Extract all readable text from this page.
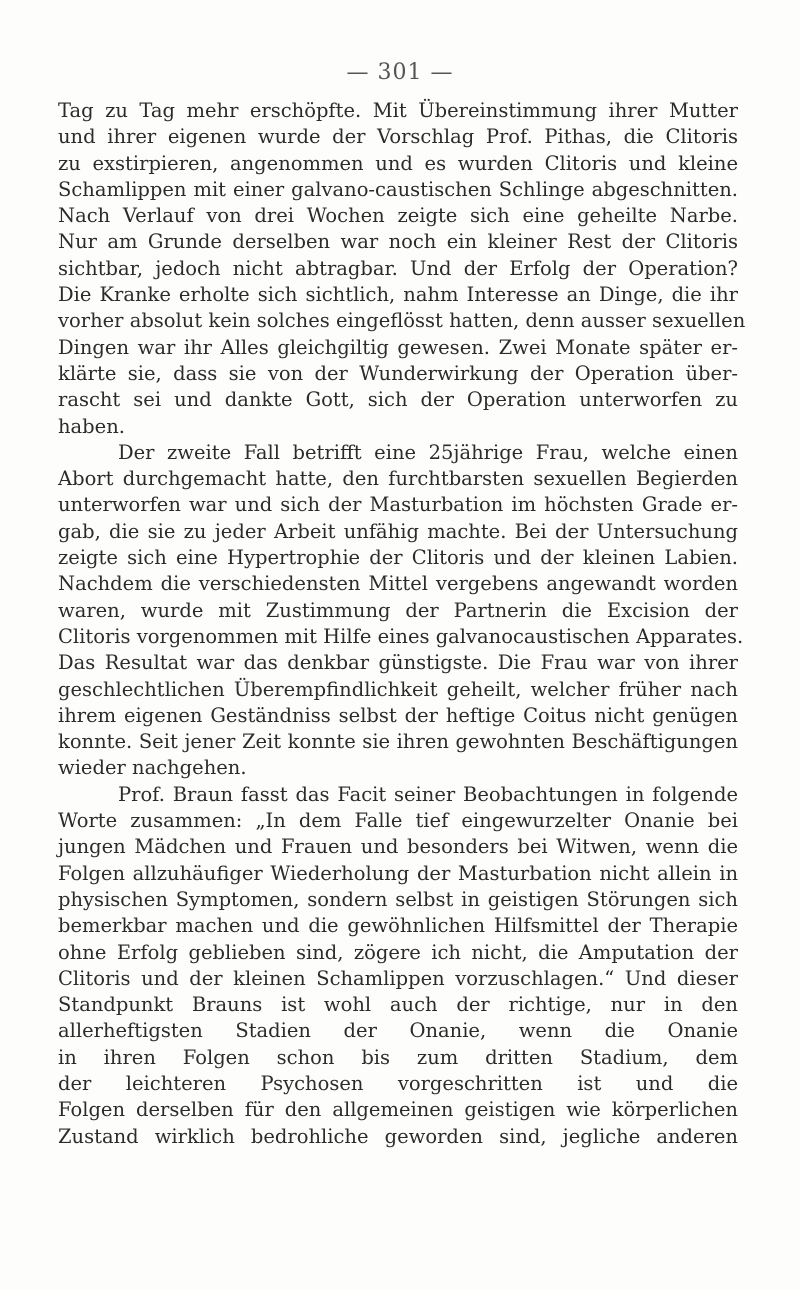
— 301 —
Tag zu Tag mehr erschöpfte. Mit Übereinstimmung ihrer Mutter
und ihrer eigenen wurde der Vorschlag Prof. Pithas, die Clitoris
zu exstirpieren, angenommen und es wurden Clitoris und kleine
Schamlippen mit einer galvano-caustischen Schlinge abgeschnitten.
Nach Verlauf von drei Wochen zeigte sich eine geheilte Narbe.
Nur am Grunde derselben war noch ein kleiner Rest der Clitoris
sichtbar, jedoch nicht abtragbar. Und der Erfolg der Operation?
Die Kranke erholte sich sichtlich, nahm Interesse an Dinge, die ihr
vorher absolut kein solches eingeflösst hatten, denn ausser sexuellen
Dingen war ihr Alles gleichgiltig gewesen. Zwei Monate später er-
klärte sie, dass sie von der Wunderwirkung der Operation über-
rascht sei und dankte Gott, sich der Operation unterworfen zu
haben.
Der zweite Fall betrifft eine 25jährige Frau, welche einen
Abort durchgemacht hatte, den furchtbarsten sexuellen Begierden
unterworfen war und sich der Masturbation im höchsten Grade er-
gab, die sie zu jeder Arbeit unfähig machte. Bei der Untersuchung
zeigte sich eine Hypertrophie der Clitoris und der kleinen Labien.
Nachdem die verschiedensten Mittel vergebens angewandt worden
waren, wurde mit Zustimmung der Partnerin die Excision der
Clitoris vorgenommen mit Hilfe eines galvanocaustischen Apparates.
Das Resultat war das denkbar günstigste. Die Frau war von ihrer
geschlechtlichen Überempfindlichkeit geheilt, welcher früher nach
ihrem eigenen Geständniss selbst der heftige Coitus nicht genügen
konnte. Seit jener Zeit konnte sie ihren gewohnten Beschäftigungen
wieder nachgehen.
Prof. Braun fasst das Facit seiner Beobachtungen in folgende
Worte zusammen: „In dem Falle tief eingewurzelter Onanie bei
jungen Mädchen und Frauen und besonders bei Witwen, wenn die
Folgen allzuhäufiger Wiederholung der Masturbation nicht allein in
physischen Symptomen, sondern selbst in geistigen Störungen sich
bemerkbar machen und die gewöhnlichen Hilfsmittel der Therapie
ohne Erfolg geblieben sind, zögere ich nicht, die Amputation der
Clitoris und der kleinen Schamlippen vorzuschlagen.“ Und dieser
Standpunkt Brauns ist wohl auch der richtige, nur in den
allerheftigsten Stadien der Onanie, wenn die Onanie
in ihren Folgen schon bis zum dritten Stadium, dem
der leichteren Psychosen vorgeschritten ist und die
Folgen derselben für den allgemeinen geistigen wie körperlichen
Zustand wirklich bedrohliche geworden sind, jegliche anderen
